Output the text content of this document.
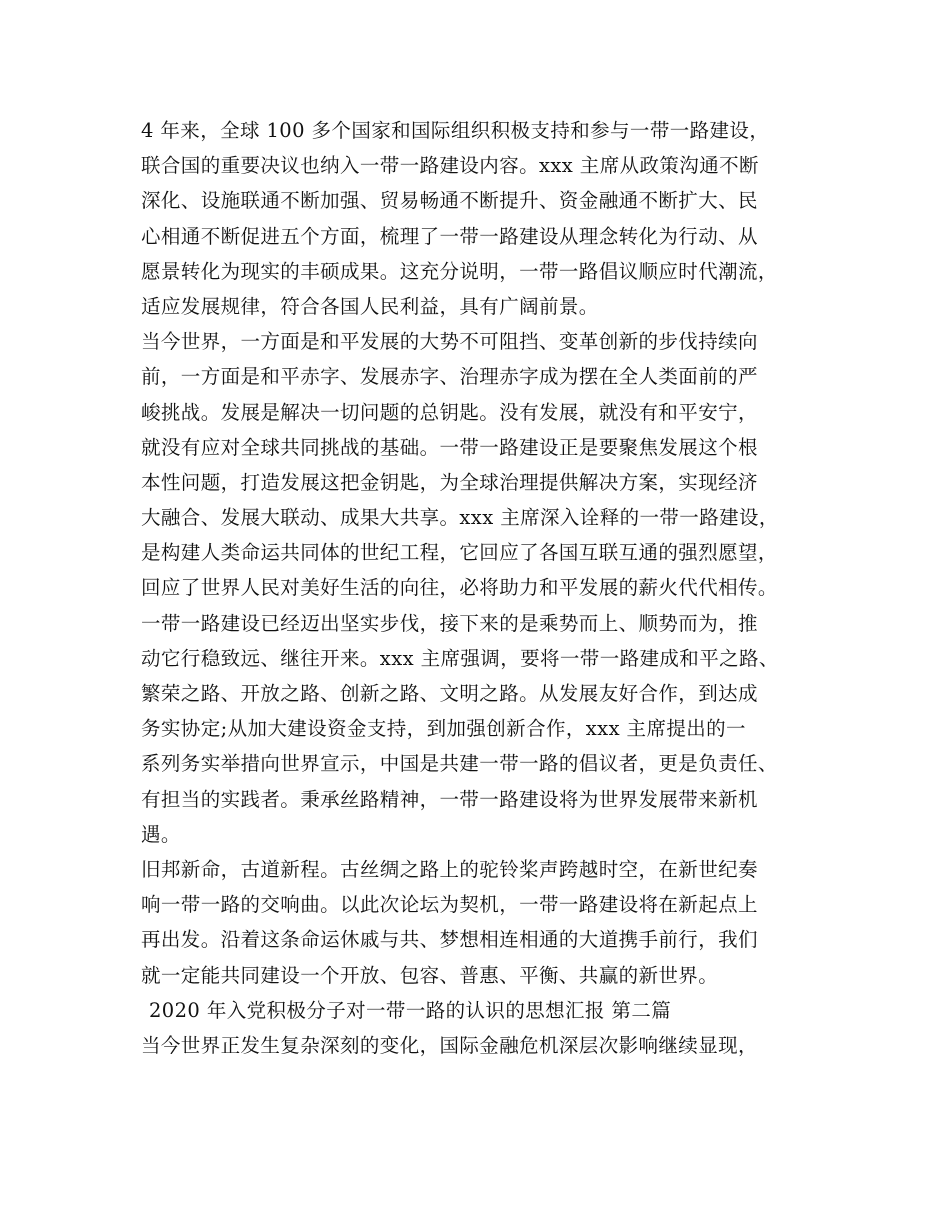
4 年来，全球 100 多个国家和国际组织积极支持和参与一带一路建设，
联合国的重要决议也纳入一带一路建设内容。xxx 主席从政策沟通不断
深化、设施联通不断加强、贸易畅通不断提升、资金融通不断扩大、民
心相通不断促进五个方面，梳理了一带一路建设从理念转化为行动、从
愿景转化为现实的丰硕成果。这充分说明，一带一路倡议顺应时代潮流，
适应发展规律，符合各国人民利益，具有广阔前景。
当今世界，一方面是和平发展的大势不可阻挡、变革创新的步伐持续向
前，一方面是和平赤字、发展赤字、治理赤字成为摆在全人类面前的严
峻挑战。发展是解决一切问题的总钥匙。没有发展，就没有和平安宁，
就没有应对全球共同挑战的基础。一带一路建设正是要聚焦发展这个根
本性问题，打造发展这把金钥匙，为全球治理提供解决方案，实现经济
大融合、发展大联动、成果大共享。xxx 主席深入诠释的一带一路建设，
是构建人类命运共同体的世纪工程，它回应了各国互联互通的强烈愿望，
回应了世界人民对美好生活的向往，必将助力和平发展的薪火代代相传。
一带一路建设已经迈出坚实步伐，接下来的是乘势而上、顺势而为，推
动它行稳致远、继往开来。xxx 主席强调，要将一带一路建成和平之路、
繁荣之路、开放之路、创新之路、文明之路。从发展友好合作，到达成
务实协定;从加大建设资金支持，到加强创新合作，xxx 主席提出的一
系列务实举措向世界宣示，中国是共建一带一路的倡议者，更是负责任、
有担当的实践者。秉承丝路精神，一带一路建设将为世界发展带来新机
遇。
旧邦新命，古道新程。古丝绸之路上的驼铃桨声跨越时空，在新世纪奏
响一带一路的交响曲。以此次论坛为契机，一带一路建设将在新起点上
再出发。沿着这条命运休戚与共、梦想相连相通的大道携手前行，我们
就一定能共同建设一个开放、包容、普惠、平衡、共赢的新世界。
2020 年入党积极分子对一带一路的认识的思想汇报 第二篇
当今世界正发生复杂深刻的变化，国际金融危机深层次影响继续显现，
